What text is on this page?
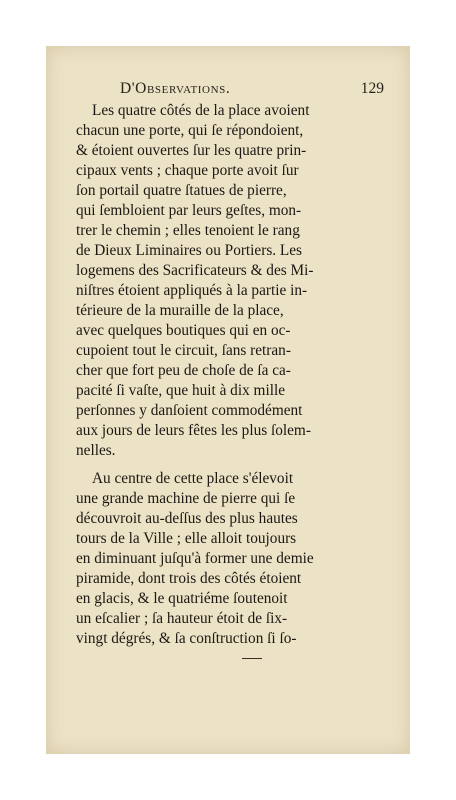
D'Observations.	129
Les quatre côtés de la place avoient
chacun une porte, qui ſe répondoient,
& étoient ouvertes ſur les quatre prin-
cipaux vents ; chaque porte avoit ſur
ſon portail quatre ſtatues de pierre,
qui ſembloient par leurs geſtes, mon-
trer le chemin ; elles tenoient le rang
de Dieux Liminaires ou Portiers. Les
logemens des Sacrificateurs & des Mi-
niſtres étoient appliqués à la partie in-
térieure de la muraille de la place,
avec quelques boutiques qui en oc-
cupoient tout le circuit, ſans retran-
cher que fort peu de choſe de ſa ca-
pacité ſi vaſte, que huit à dix mille
perſonnes y danſoient commodément
aux jours de leurs fêtes les plus ſolem-
nelles.
Au centre de cette place s'élevoit
une grande machine de pierre qui ſe
découvroit au-deſſus des plus hautes
tours de la Ville ; elle alloit toujours
en diminuant juſqu'à former une demie
piramide, dont trois des côtés étoient
en glacis, & le quatriéme ſoutenoit
un eſcalier ; ſa hauteur étoit de ſix-
vingt dégrés, & ſa conſtruction ſi ſo-
